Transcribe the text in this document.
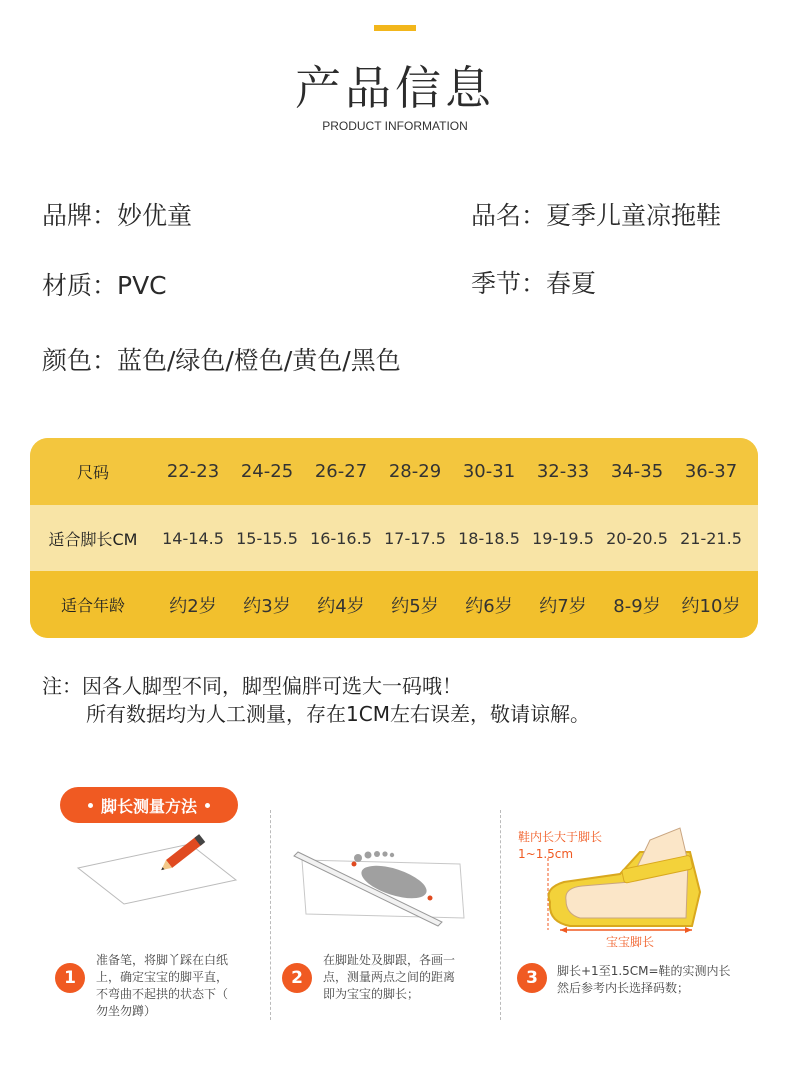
产品信息
PRODUCT INFORMATION
品牌：妙优童	品名：夏季儿童凉拖鞋
材质：PVC	季节：春夏
颜色：蓝色/绿色/橙色/黄色/黑色
尺码	22-23	24-25	26-27	28-29	30-31	32-33	34-35	36-37
适合脚长CM	14-14.5 15-15.5 16-16.5 17-17.5 18-18.5 19-19.5 20-20.5 21-21.5
适合年龄	约2岁	约3岁	约4岁	约5岁	约6岁	约7岁	8-9岁	约10岁
注：因各人脚型不同，脚型偏胖可选大一码哦！
所有数据均为人工测量，存在1CM左右误差，敬请谅解。
脚长测量方法
鞋内长大于脚长
1~1.5cm
宝宝脚长
1
准备笔，将脚丫踩在白纸
上，确定宝宝的脚平直，
不弯曲不起拱的状态下（
勿坐勿蹲）
2
在脚趾处及脚跟，各画一
点，测量两点之间的距离
即为宝宝的脚长；
3	脚长+1至1.5CM=鞋的实测内长
然后参考内长选择码数；
